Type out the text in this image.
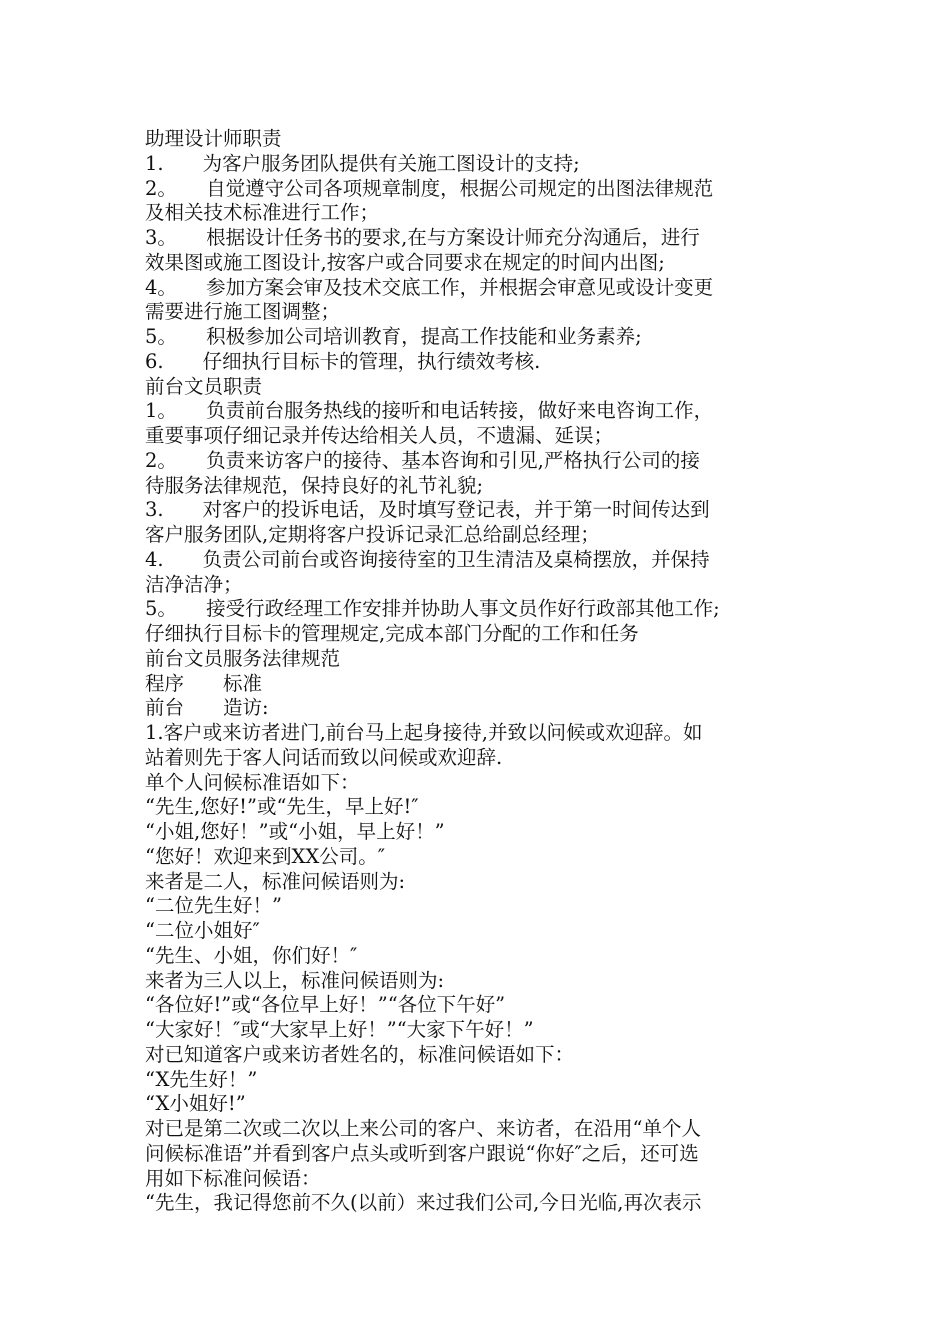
助理设计师职责
1.　　为客户服务团队提供有关施工图设计的支持;
2。　　自觉遵守公司各项规章制度，根据公司规定的出图法律规范
及相关技术标准进行工作；
3。　　根据设计任务书的要求,在与方案设计师充分沟通后，进行
效果图或施工图设计,按客户或合同要求在规定的时间内出图;
4。　　参加方案会审及技术交底工作，并根据会审意见或设计变更
需要进行施工图调整；
5。　　积极参加公司培训教育，提高工作技能和业务素养;
6.　　仔细执行目标卡的管理，执行绩效考核.
前台文员职责
1。　　负责前台服务热线的接听和电话转接，做好来电咨询工作，
重要事项仔细记录并传达给相关人员，不遗漏、延误；
2。　　负责来访客户的接待、基本咨询和引见,严格执行公司的接
待服务法律规范，保持良好的礼节礼貌;
3.　　对客户的投诉电话，及时填写登记表，并于第一时间传达到
客户服务团队,定期将客户投诉记录汇总给副总经理；
4.　　负责公司前台或咨询接待室的卫生清洁及桌椅摆放，并保持
洁净洁净；
5。　　接受行政经理工作安排并协助人事文员作好行政部其他工作;
仔细执行目标卡的管理规定,完成本部门分配的工作和任务
前台文员服务法律规范
程序　　标准
前台　　造访:
1.客户或来访者进门,前台马上起身接待,并致以问候或欢迎辞。如
站着则先于客人问话而致以问候或欢迎辞.
单个人问候标准语如下：
“先生,您好!”或“先生，早上好!″
“小姐,您好！”或“小姐，早上好！”
“您好！欢迎来到XX公司。″
来者是二人，标准问候语则为:
“二位先生好！”
“二位小姐好″
“先生、小姐，你们好！″
来者为三人以上，标准问候语则为:
“各位好!”或“各位早上好！”“各位下午好”
“大家好！″或“大家早上好！”“大家下午好！”
对已知道客户或来访者姓名的，标准问候语如下：
“X先生好！”
“X小姐好!”
对已是第二次或二次以上来公司的客户、来访者，在沿用“单个人
问候标准语”并看到客户点头或听到客户跟说“你好″之后，还可选
用如下标准问候语：
“先生，我记得您前不久(以前）来过我们公司,今日光临,再次表示
